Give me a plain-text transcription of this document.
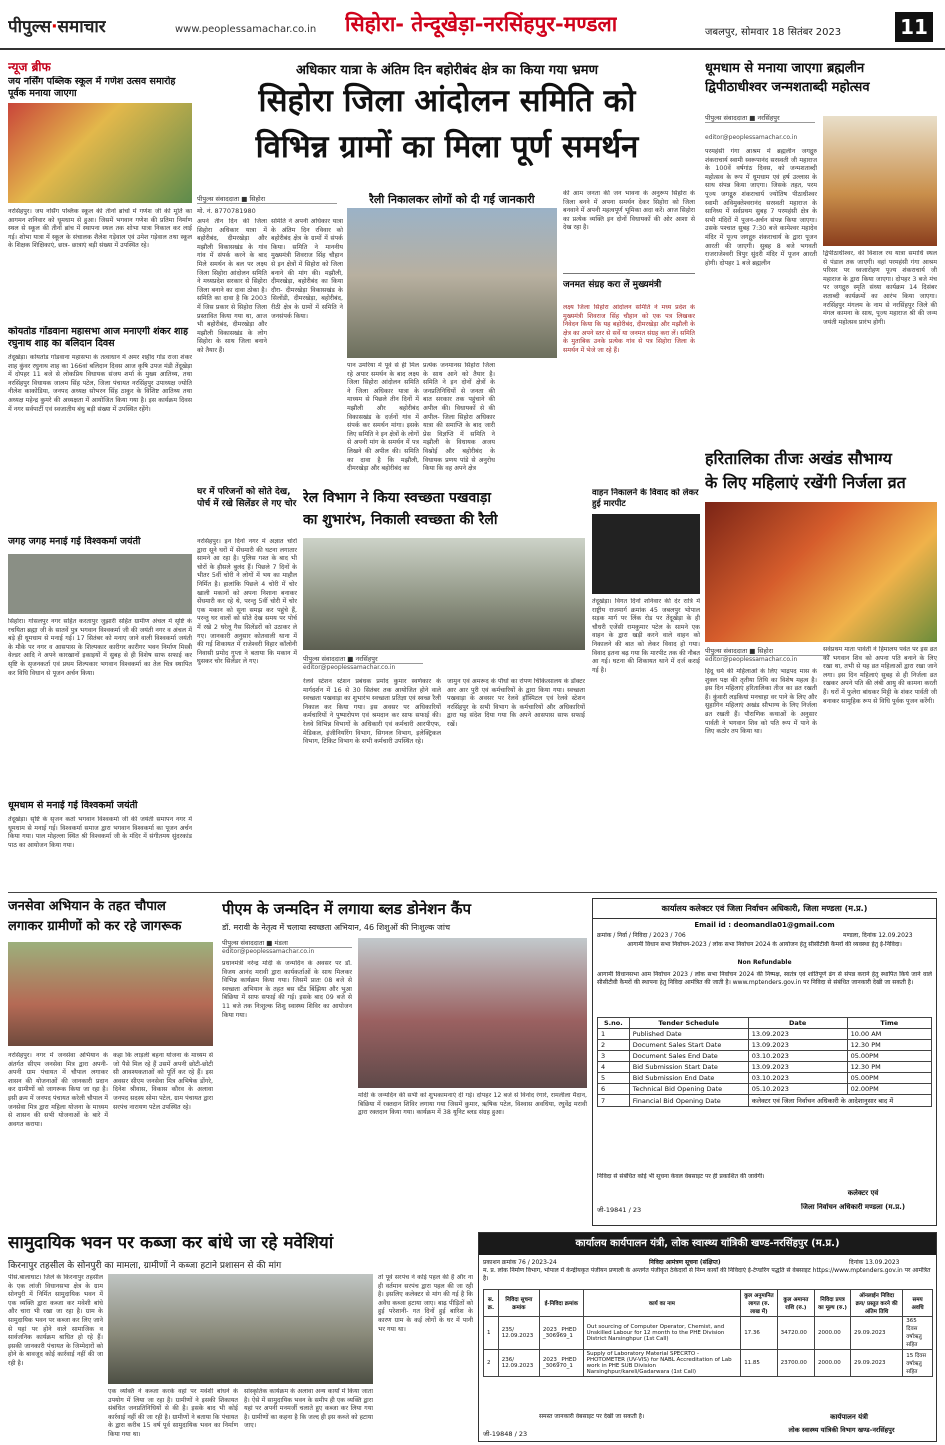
पीपुल्स·समाचार	www.peoplessamachar.co.in सिहोरा- तेन्दूखेड़ा-नरसिंहपुर-मण्डला	जबलपुर, सोमवार 18 सितंबर 2023	11
न्यूज ब्रीफ
जय नर्सिंग पब्लिक स्कूल में गणेश उत्सव समारोह पूर्वक मनाया जाएगा
नरसिंहपुर। जय नर्सिंग पब्लिक स्कूल की तीनों ब्रांचों में गणेश जी की मूर्ति का आगमन शनिवार को धूमधाम से हुआ। जिसमें भगवान गणेश की प्रतिमा निर्माण स्थल से स्कूल की तीनों ब्रांच में स्थापना स्थल तक शोभा यात्रा निकाल कर लाई गई। शोभा यात्रा में स्कूल के संचालक शैलेश गड़ेवाल एवं उमेश गड़ेवाल तथा स्कूल के शिक्षक शिक्षिकाएं, छात्र- छात्राएं बड़ी संख्या में उपस्थित रहे।
कोयतोड गोंडवाना महासभा आज मनाएगी शंकर शाह रघुनाथ शाह का बलिदान दिवस
तेंदूखेड़ा। कोयतोड गोंडवाना महासभा के तत्वाधान में अमर शहीद गोंड राजा शंकर शाह कुंवर रघुनाथ शाह का 166वां बलिदान दिवस आज कृषि उपज मंडी तेंदूखेड़ा में दोपहर 11 बजे से लोकप्रिय विधायक संजय शर्मा के मुख्य आतिथ्य, तथा नरसिंहपुर विधायक जालम सिंह पटेल, जिला पंचायत नरसिंहपुर उपाध्यक्ष ज्योति नीलेश काकोडिया, जनपद अध्यक्ष सोभरन सिंह ठाकुर के विशिष्ट आतिथ्य तथा अध्यक्ष महेन्द्र कुमरे की अध्यक्षता में आयोजित किया गया है। इस कार्यक्रम दिवस में नगर सर्वपार्टी एवं स्वजातीय बंधु बड़ी संख्या में उपस्थित रहेंगे।
जगह जगह मनाई गई विश्वकर्मा जयंती
सिहोरा। गोसलपुर नगर सहित करतापुर जुझारी सहित ग्रामीण अंचल में सृष्टि के रचयिता ब्रह्मा जी के सातवें पुत्र भगवान विश्वकर्मा जी की जयंती नगर व अंचल में बड़े ही धूमधाम से मनाई गई। 17 सितंबर को मनाए जाने वाली विश्वकर्मा जयंती के मौके पर नगर व आसपास के शिल्पकार कारीगर कारीगर भवन निर्माण मिस्त्री वेल्डर आदि ने अपने कारखानों इकाइयों में सुबह से ही विशेष साफ सफाई कर सृष्टि के सृजनकर्ता एवं प्रथम शिल्पकार भगवान विश्वकर्मा का तेल चित्र स्थापित कर विधि विधान से पूजन अर्चन किया।
धूमधाम से मनाई गई विश्वकर्मा जयंती
तेंदूखेड़ा। सृष्टि के सृजन कर्ता भगवान विश्वकर्मा जी की जयंती समापन नगर में धूमधाम से मनाई गई। विश्वकर्मा समाज द्वारा भगवान विश्वकर्मा का पूजन अर्चन किया गया। पाल मोहल्ला स्थित श्री विश्वकर्मा जी के मंदिर में संगीतमय सुंदरकांड पाठ का आयोजन किया गया।
अधिकार यात्रा के अंतिम दिन बहोरीबंद क्षेत्र का किया गया भ्रमण
सिहोरा जिला आंदोलन समिति को
विभिन्न ग्रामों का मिला पूर्ण समर्थन
पीपुल्स संवाददाता ■ सिहोरा
मो. नं. 8770781980
रैली निकालकर लोगों को दी गई जानकारी
अपने तीन दिन की जिला सिहोरा अधिकार यात्रा में बहोरीबंद, दीमरखेड़ा और मझौली विकासखंड के गांव गांव में संपर्क करने के बाद मिले समर्थन के बल पर लक्ष्य जिला सिहोरा आंदोलन समिति ने मध्यप्रदेश सरकार से सिहोरा जिला बनाने का दावा ठोका है। समिति का दावा है कि 2003 में जिस प्रकार से सिहोरा जिला प्रस्तावित किया गया था, आज भी बहोरीबंद, दीमरखेड़ा और मझौली विकासखंड के लोग सिहोरा के साथ जिला बनाने को तैयार हैं।
समिति ने अपनी अधिकार यात्रा के अंतिम दिन रविवार को बहोरीबंद क्षेत्र के ग्रामों में संपर्क किया। समिति ने माननीय मुख्यमंत्री शिवराज सिंह चौहान से इन क्षेत्रों में सिहोरा को जिला बनाने की मांग की। मझौली, दीमरखेड़ा, बहोरीबंद का किया दौरा- दीमरखेड़ा विकासखंड के सिलोंडी, दीमरखेड़ा, बहोरीबंद, रीठी क्षेत्र के ग्रामों में समिति ने जनसंपर्क किया।
पान उमरिया में पूर्व से ही मिल रहे अपार समर्थन के बाद लक्ष्य जिला सिहोरा आंदोलन समिति ने जिला अधिकार यात्रा के माध्यम से पिछले तीन दिनों में मझौली और बहोरीबंद विकासखंड के दर्जनों गांव में संपर्क कर समर्थन मांगा। इसके लिए समिति ने इन क्षेत्रों के लोगों से अपनी मांग के समर्थन में पत्र लिखने की अपील की। समिति का दावा है कि मझौली, दीमरखेड़ा और बहोरीबंद का
प्रत्येक जनमानस सिहोरा जिला के साथ आने को तैयार है। समिति ने इन दोनों क्षेत्रों के जनप्रतिनिधियों से जनता की बात सरकार तक पहुंचाने की अपील की। विधायकों से की अपील- जिला सिहोरा अधिकार यात्रा की समाप्ति के बाद जारी प्रेस विज्ञप्ति में समिति ने मझौली के विधायक अजय विश्नोई और बहोरीबंद के विधायक प्रणय पांडे से अनुरोध किया कि वह अपने क्षेत्र
की आम जनता की जन भावना के अनुरूप सिहोरा के जिला बनने में अपना समर्थन देकर सिहोरा को जिला बनवाने में अपनी महत्वपूर्ण भूमिका अदा करें। आज सिहोरा का प्रत्येक व्यक्ति इन दोनों विधायकों की ओर आशा से देख रहा है।
जनमत संग्रह करा लें मुख्यमंत्री
लक्ष्य जिला सिहोरा आंदोलन समिति ने मध्य प्रदेश के मुख्यमंत्री शिवराज सिंह चौहान को एक पत्र लिखकर निवेदन किया कि यह बहोरीबंद, दीमरखेड़ा और मझौली के क्षेत्र का अपने स्तर से सर्वे या जनमत संग्रह करा लें। समिति के मुताबिक उनके प्रत्येक गांव से पत्र सिहोरा जिला के समर्थन में भेजे जा रहे हैं।
धूमधाम से मनाया जाएगा ब्रह्मलीन
द्विपीठाधीश्वर जन्मशताब्दी महोत्सव
पीपुल्स संवाददाता ■ नरसिंहपुर
editor@peoplessamachar.co.in
परमहंसी गंगा आश्रम में ब्रह्मलीन जगद्गुरु शंकराचार्य स्वामी स्वरूपानंद सरस्वती जी महाराज के 100वें वर्षगांठ दिवस, को जन्मशताब्दी महोत्सव के रूप में धूमधाम एवं हर्ष उल्लास के साथ संपन्न किया जाएगा। जिसके तहत, परम पूज्य जगद्गुरु शंकराचार्य ज्योतिष पीठाधीश्वर स्वामी अविमुक्तेश्वरानंद सरस्वती महाराज के सानिध्य में सर्वप्रथम सुबह 7 परमहंसी क्षेत्र के सभी मंदिरों में पूजन-अर्चन संपन्न किया जाएगा। उसके पश्चात सुबह 7:30 बजे कामेश्वर महादेव मंदिर में पूज्य जगद्गुरु शंकराचार्य के द्वारा पूजन आरती की जाएगी। सुबह 8 बजे भगवती राजराजेश्वरी त्रिपुर सुंदरी मंदिर में पूजन आरती होगी। दोपहर 1 बजे ब्रह्मलीन
द्विपीठाधीश्वर, की विशाल रथ यात्रा समाधि स्थल से पंडाल तक जाएगी। वहां परमहंसी गंगा आश्रम परिसर पर ध्वजारोहण पूज्य शंकराचार्य जी महाराज के द्वारा किया जाएगा। दोपहर 3 बजे मंच पर जगद्गुरु स्मृति संध्या कार्यक्रम 14 दिसंबर शताब्दी कार्यक्रमों का आरंभ किया जाएगा। नरसिंहपुर मंगलम के नाम से नरसिंहपुर जिले की मंगल कामना के साथ, पूज्य महाराज श्री की जन्म जयंती महोत्सव प्रारंभ होगी।
हरितालिका तीजः अखंड सौभाग्य
के लिए महिलाएं रखेंगी निर्जला व्रत
पीपुल्स संवाददाता ■ सिहोरा
editor@peoplessamachar.co.in
हिंदू धर्म की महिलाओं के लिए भाद्रपद मास के शुक्ल पक्ष की तृतीया तिथि का विशेष महत्व है। इस दिन महिलाएं हरितालिका तीज का व्रत रखती हैं। कुंवारी लड़कियां मनचाहा वर पाने के लिए और सुहागिन महिलाएं अखंड सौभाग्य के लिए निर्जला व्रत रखती हैं। पौराणिक कथाओं के अनुसार पार्वती ने भगवान शिव को पति रूप में पाने के लिए कठोर तप किया था।
सर्वप्रथम माता पार्वती ने हिमालय पर्वत पर इस व्रत को भगवान शिव को अपना पति बनाने के लिए रखा था, तभी से यह व्रत महिलाओं द्वारा रखा जाने लगा। इस दिन महिलाएं सुबह से ही निर्जला व्रत रखकर अपने पति की लंबी आयु की कामना करती हैं। घरों में फुलेरा बांधकर मिट्टी के शंकर पार्वती जी बनाकर सामूहिक रूप से विधि पूर्वक पूजन करेंगी।
घर में परिजनों को सोते देख, पोर्च में रखे सिलेंडर ले गए चोर
नरसिंहपुर। इन दिनों नगर में अज्ञात चोरों द्वारा सूने घरों में सेंधमारी की घटना लगातार सामने आ रहा है। पुलिस गश्त के बाद भी चोरों के हौसले बुलंद हैं। पिछले 7 दिनों के भीतर 5वीं चोरी ने लोगों में भय का माहौल निर्मित है। हालांकि पिछले 4 चोरी में चोर खाली मकानों को अपना निशाना बनाकर सेंधमारी कर रहे थे, परन्तु 5वीं चोरी में चोर एक मकान को सूना समझ कर पहुंचे हैं, परन्तु घर वालों को सोते देख समय पर पोर्च में रखे 2 घरेलू गैस सिलेंडरों को उठाकर ले गए। जानकारी अनुसार कोतवाली थाना में की गई शिकायत में राजेश्वरी विहार कॉलोनी निवासी प्रमोद गुप्ता ने बताया कि मकान में घुसकर चोर सिलेंडर ले गए।
रेल विभाग ने किया स्वच्छता पखवाड़ा
का शुभारंभ, निकाली स्वच्छता की रैली
पीपुल्स संवाददाता ■ नरसिंहपुर
editor@peoplessamachar.co.in
रेलवे स्टेशन स्टेशन प्रबंधक प्रमोद कुमार स्वर्णकार के मार्गदर्शन में 16 से 30 सितंबर तक आयोजित होने वाले स्वच्छता पखवाड़ा का शुभारंभ स्वच्छता प्रतिज्ञा एवं स्वच्छ रैली निकाल कर किया गया। इस अवसर पर अधिकारियों कर्मचारियों ने पुष्पारोपण एवं श्रमदान कर साफ सफाई की। रेलवे विभिन्न विभागों के अधिकारी एवं कर्मचारी आरपीएफ, मेडिकल, इंजीनियरिंग विभाग, सिगनल विभाग, इलेक्ट्रिकल विभाग, टिकिट विभाग के सभी कर्मचारी उपस्थित रहे।
जामुन एवं अमरूद के पौधों का रोपण चिकित्सालय के डॉक्टर आर आर पुरी एवं कर्मचारियों के द्वारा किया गया। स्वच्छता पखवाड़ा के अवसर पर रेलवे हॉस्पिटल एवं रेलवे स्टेशन नरसिंहपुर के सभी विभाग के कर्मचारियों और अधिकारियों द्वारा यह संदेश दिया गया कि अपने आसपास साफ सफाई रखें।
वाहन निकालने के विवाद को लेकर हुई मारपीट
तेंदूखेड़ा। विगत दिनों शनिवार की देर रात्रि में राष्ट्रीय राजमार्ग क्रमांक 45 जबलपुर भोपाल सड़क मार्ग पर लिंक रोड पर तेंदूखेड़ा के ही चौधरी एजेंसी रामकुमार पटेल के सामने एक वाहन के द्वारा खड़ी करने वाले वाहन को निकालने की बात को लेकर विवाद हो गया। विवाद इतना बढ़ गया कि मारपीट तक की नौबत आ गई। घटना की शिकायत थाने में दर्ज कराई गई है।
जनसेवा अभियान के तहत चौपाल
लगाकर ग्रामीणों को कर रहे जागरूक
नरसिंहपुर। नगर में जनसेवा अभियान के अंतर्गत सीएम जनसेवा मित्र द्वारा अपनी-अपनी ग्राम पंचायत में चौपाल लगाकर शासन की योजनाओं की जानकारी प्रदान कर ग्रामीणों को जागरूक किया जा रहा है। इसी क्रम में जनपद पंचायत करेली चौपाल में जनसेवा मित्र द्वारा महिला योजना के माध्यम से शासन की सभी योजनाओं के बारे में अवगत कराया।
कहा कि लाड़ली बहना योजना के माध्यम से जो पैसे मिल रहे हैं उसमें अपनी छोटी-छोटी सी आवश्यकताओं को पूर्ति कर रहे हैं। इस अवसर सीएम जनसेवा मित्र अभिषेक डोंगरे, दिनेश श्रीवास, विकास कौरव के अलावा जनपद सदस्य सोमा पटेल, ग्राम पंचायत द्वारा सरपंच नारायण पटेल उपस्थित रहे।
पीएम के जन्मदिन में लगाया ब्लड डोनेशन कैंप
डॉ. मरावी के नेतृत्व में चलाया स्वच्छता अभियान, 46 शिशुओं की निःशुल्क जांच
पीपुल्स संवाददाता ■ मंडला
editor@peoplessamachar.co.in
प्रधानमंत्री नरेन्द्र मोदी के जन्मदिन के अवसर पर डॉ. विजय आनंद मरावी द्वारा कार्यकर्ताओं के साथ मिलकर विभिन्न कार्यक्रम किया गया। जिसमें प्रातः 08 बजे से स्वच्छता अभियान के तहत बस स्टैंड बिंझिया और भुआ बिछिया में साफ सफाई की गई। इसके बाद 09 बजे से 11 बजे तक निःशुल्क शिशु स्वास्थ्य शिविर का आयोजन किया गया।
मोदी के जन्मदिन की सभी को शुभकामनाएं दी गई। दोपहर 12 बजे से विनोद रंगारे, रामलीला मैदान, बिछिया में रक्तदान शिविर लगाया गया जिसमें कुमार, ऋषिक पटेल, विश्वास अवधिया, रघुवेंद्र मरावी द्वारा रक्तदान किया गया। कार्यक्रम में 38 यूनिट ब्लड संग्रह हुआ।
कार्यालय कलेक्टर एवं जिला निर्वाचन अधिकारी, जिला मण्डला (म.प्र.)
Email id : deomandla01@gmail.com
क्रमांक / निर्वा / निविदा / 2023 / 706	मण्डला, दिनांक 12.09.2023
आगामी विधान सभा निर्वाचन-2023 / लोक सभा निर्वाचन 2024 के आयोजन हेतु सीसीटीवी कैमरों की व्यवस्था हेतु ई-निविदा।
Non Refundable
आगामी विधानसभा आम निर्वाचन 2023 / लोक सभा निर्वाचन 2024 की निष्पक्ष, स्वतंत्र एवं शांतिपूर्ण ढंग से संपन्न कराने हेतु स्थापित किये जाने वाले सीसीटीवी कैमरों की स्थापना हेतु निविदा आमंत्रित की जाती है। www.mptenders.gov.in पर निविदा से संबंधित जानकारी देखी जा सकती है।
S.no.	Tender Schedule	Date	Time
1	Published Date	13.09.2023	10.00 AM
2	Document Sales Start Date	13.09.2023	12.30 PM
3	Document Sales End Date	03.10.2023	05.00PM
4	Bid Submission Start Date	13.09.2023	12.30 PM
5	Bid Submission End Date	03.10.2023	05.00PM
6	Technical Bid Opening Date	05.10.2023	02.00PM
7	Financial Bid Opening Date	कलेक्टर एवं जिला निर्वाचन अधिकारी के आदेशानुसार बाद में	
निविदा से संबंधित कोई भी सूचना केवल वेबसाइट पर ही प्रकाशित की जावेगी।
जी-19841 / 23
कलेक्टर एवं
जिला निर्वाचन अधिकारी मण्डला (म.प्र.)
सामुदायिक भवन पर कब्जा कर बांधे जा रहे मवेशियां
किरनापुर तहसील के सोनपुरी का मामला, ग्रामीणों ने कब्जा हटाने प्रशासन से की मांग
पीसं.बालाघाट। जिले के किरनापुर तहसील के एक लांजी विधानसभा क्षेत्र के ग्राम सोनपुरी में निर्मित सामुदायिक भवन में एक व्यक्ति द्वारा कब्जा कर मवेशी बांधे और चारा भी रखा जा रहा है। ग्राम के सामुदायिक भवन पर कब्जा कर लिए जाने से यहां पर होने वाले सामाजिक व सार्वजनिक कार्यक्रम बाधित हो रहे हैं। इसकी जानकारी पंचायत के जिम्मेदारों को होने के बावजूद कोई कार्रवाई नहीं की जा रही है।
एक व्यक्ति ने कब्जा करके वहां पर मवेशी बांधने के उपयोग में लिया जा रहा है। ग्रामीणों ने इसकी शिकायत संबंधित जनप्रतिनिधियों से की है। इसके बाद भी कोई कार्रवाई नहीं की जा रही है। ग्रामीणों ने बताया कि पंचायत के द्वारा करीब 15 वर्ष पूर्व सामुदायिक भवन का निर्माण किया गया था।
सांस्कृतिक कार्यक्रम के अलावा अन्य कार्यों में किया जाता है। ऐसे में सामुदायिक भवन के समीप ही एक व्यक्ति द्वारा यहां पर अपनी मनमर्जी चलाते हुए कब्जा कर लिया गया है। ग्रामीणों का कहना है कि जल्द ही इस कब्जे को हटाया जाए।
तो पूर्व सरपंच ने कोई पहल की है और ना ही वर्तमान सरपंच द्वारा पहल की जा रही है। इसलिए कलेक्टर से मांग की गई है कि अवैध कब्जा हटाया जाए। बाढ़ पीड़ितों को हुई परेशानी- गत दिनों हुई बारिश के कारण ग्राम के कई लोगों के घर में पानी भर गया था।
कार्यालय कार्यपालन यंत्री, लोक स्वास्थ्य यांत्रिकी खण्ड-नरसिंहपुर (म.प्र.)
प्रकाशन क्रमांक 76 / 2023-24	निविदा आमंत्रण सूचना (संक्षिप्त)	दिनांक 13.09.2023
म. प्र. लोक निर्माण विभाग, भोपाल में केन्द्रीयकृत पंजीयन प्रणाली के अन्तर्गत पंजीकृत ठेकेदारों से निम्न कार्यों की निविदाएं ई-टेण्डरिंग पद्धति से वेबसाइट https://www.mptenders.gov.in पर आमंत्रित है।
स. क्र.	निविदा सूचना क्रमांक	ई-निविदा क्रमांक	कार्य का नाम	कुल अनुमानित लागत (रु. लाख में)	कुल अमानत राशि (रु.)	निविदा प्रपत्र का मूल्य (रु.)	ऑनलाईन निविदा क्रय/ प्रस्तुत करने की अंतिम तिथि	समय अवधि
1	235/ 12.09.2023	2023_ PHED _306969_1	Out sourcing of Computer Operator, Chemist, and Unskilled Labour for 12 month to the PHE Division District Narsinghpur (1st Call)	17.36	34720.00	2000.00	29.09.2023	365 दिवस वर्षाऋतु सहित
2	236/ 12.09.2023	2023_ PHED _306970_1	Supply of Laboratory Material SPECRTO -PHOTOMETER (UV-VIS) for NABL Accreditation of Lab work in PHE SUB Division Narsinghpur/kareli/Gadarwara (1st Call)	11.85	23700.00	2000.00	29.09.2023	15 दिवस वर्षाऋतु सहित
समस्त जानकारी वेबसाइट पर देखी जा सकती है।
जी-19848 / 23
कार्यपालन यंत्री
लोक स्वास्थ्य यांत्रिकी विभाग खण्ड-नरसिंहपुर
